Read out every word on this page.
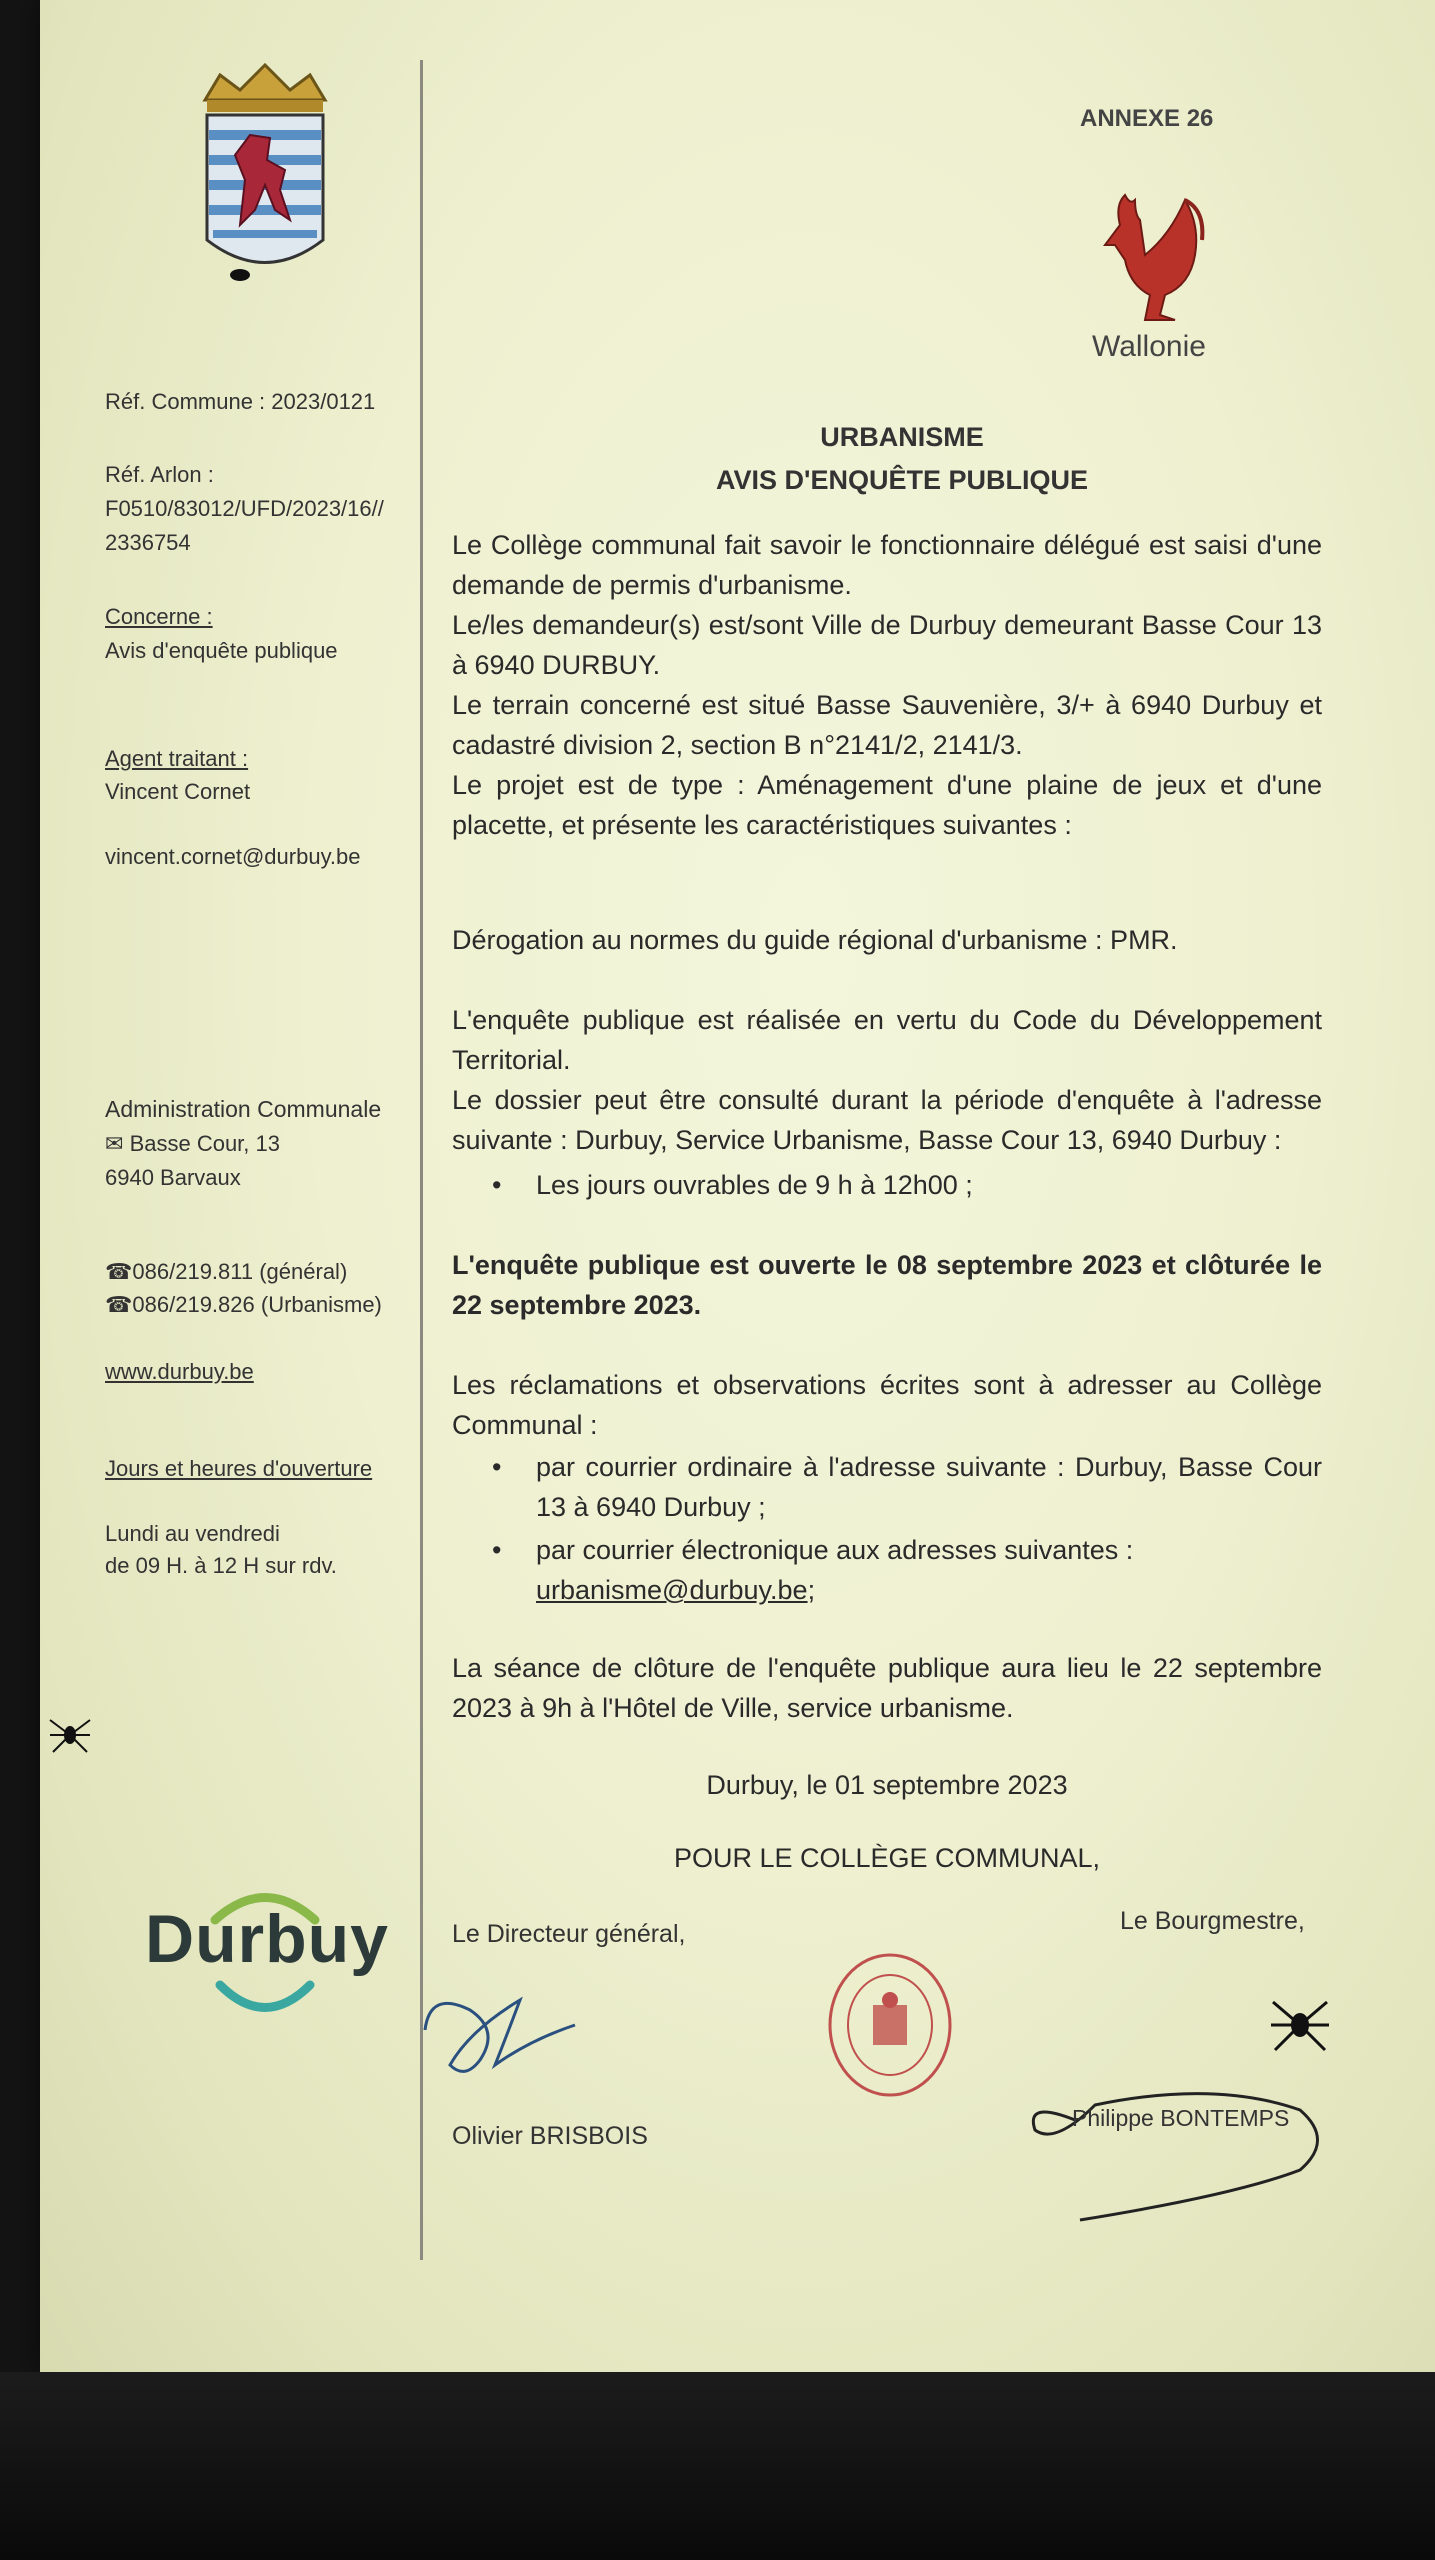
ANNEXE 26
Wallonie
URBANISME
AVIS D'ENQUÊTE PUBLIQUE
Réf. Commune : 2023/0121
Réf. Arlon :
F0510/83012/UFD/2023/16//
2336754
Concerne :
Avis d'enquête publique
Agent traitant :
Vincent Cornet
vincent.cornet@durbuy.be
Administration Communale
✉ Basse Cour, 13
6940 Barvaux
☎086/219.811 (général)
☎086/219.826 (Urbanisme)
www.durbuy.be
Jours et heures d'ouverture
Lundi au vendredi
de 09 H. à 12 H sur rdv.
Durbuy
Le Collège communal fait savoir le fonctionnaire délégué est saisi d'une demande de permis d'urbanisme.
Le/les demandeur(s) est/sont Ville de Durbuy demeurant Basse Cour 13 à 6940 DURBUY.
Le terrain concerné est situé Basse Sauvenière, 3/+ à 6940 Durbuy et cadastré division 2, section B n°2141/2, 2141/3.
Le projet est de type : Aménagement d'une plaine de jeux et d'une placette, et présente les caractéristiques suivantes :
Dérogation au normes du guide régional d'urbanisme : PMR.
L'enquête publique est réalisée en vertu du Code du Développement Territorial.
Le dossier peut être consulté durant la période d'enquête à l'adresse suivante : Durbuy, Service Urbanisme, Basse Cour 13, 6940 Durbuy :
• Les jours ouvrables de 9 h à 12h00 ;
L'enquête publique est ouverte le 08 septembre 2023 et clôturée le 22 septembre 2023.
Les réclamations et observations écrites sont à adresser au Collège Communal :
• par courrier ordinaire à l'adresse suivante : Durbuy, Basse Cour 13 à 6940 Durbuy ;
• par courrier électronique aux adresses suivantes :
urbanisme@durbuy.be;
La séance de clôture de l'enquête publique aura lieu le 22 septembre 2023 à 9h à l'Hôtel de Ville, service urbanisme.
Durbuy, le 01 septembre 2023
POUR LE COLLÈGE COMMUNAL,
Le Directeur général,
Olivier BRISBOIS
Le Bourgmestre,
Philippe BONTEMPS
